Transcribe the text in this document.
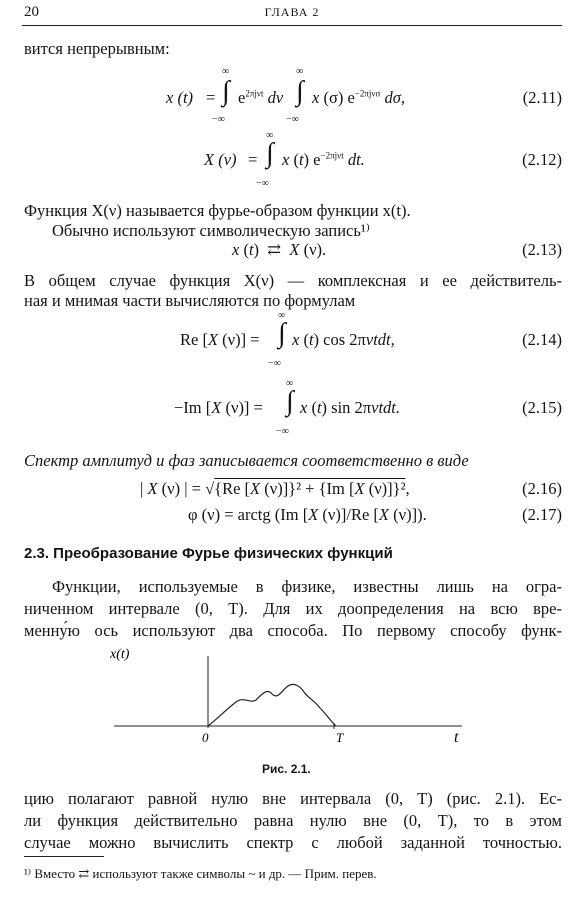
20	ГЛАВА 2
вится непрерывным:
x (t) =
∞
∫
−∞
$e^{2\pi j\nu t}$ dν
∞
∫
−∞
x (σ) $e^{-2\pi j\nu\sigma}$ dσ,	(2.11)
X (ν) =
∞
∫
−∞
x (t) $e^{-2\pi j\nu t}$ dt.	(2.12)
Функция X(ν) называется фурье-образом функции x(t).
Обычно используют символическую запись¹⁾
x (t)  ⇄  X (ν).	(2.13)
В общем случае функция X(ν) — комплексная и ее действитель-
ная и мнимая части вычисляются по формулам
Re [X (ν)] =
∞
∫
−∞
x (t) cos 2πνtdt,	(2.14)
−Im [X (ν)] =
∞
∫
−∞
x (t) sin 2πνtdt.	(2.15)
Спектр амплитуд и фаз записывается соответственно в виде
| X (ν) | = √{Re [X (ν)]}² + {Im [X (ν)]}²,	(2.16)
φ (ν) = arctg (Im [X (ν)]/Re [X (ν)]).	(2.17)
2.3. Преобразование Фурье физических функций
Функции, используемые в физике, известны лишь на огра-
ниченном интервале (0, T). Для их доопределения на всю вре-
менну́ю ось используют два способа. По первому способу функ-
x(t)
0	T	t
Рис. 2.1.
цию полагают равной нулю вне интервала (0, T) (рис. 2.1). Ес-
ли функция действительно равна нулю вне (0, T), то в этом
случае можно вычислить спектр с любой заданной точностью.
¹⁾ Вместо ⇄ используют также символы ~ и др. — Прим. перев.
